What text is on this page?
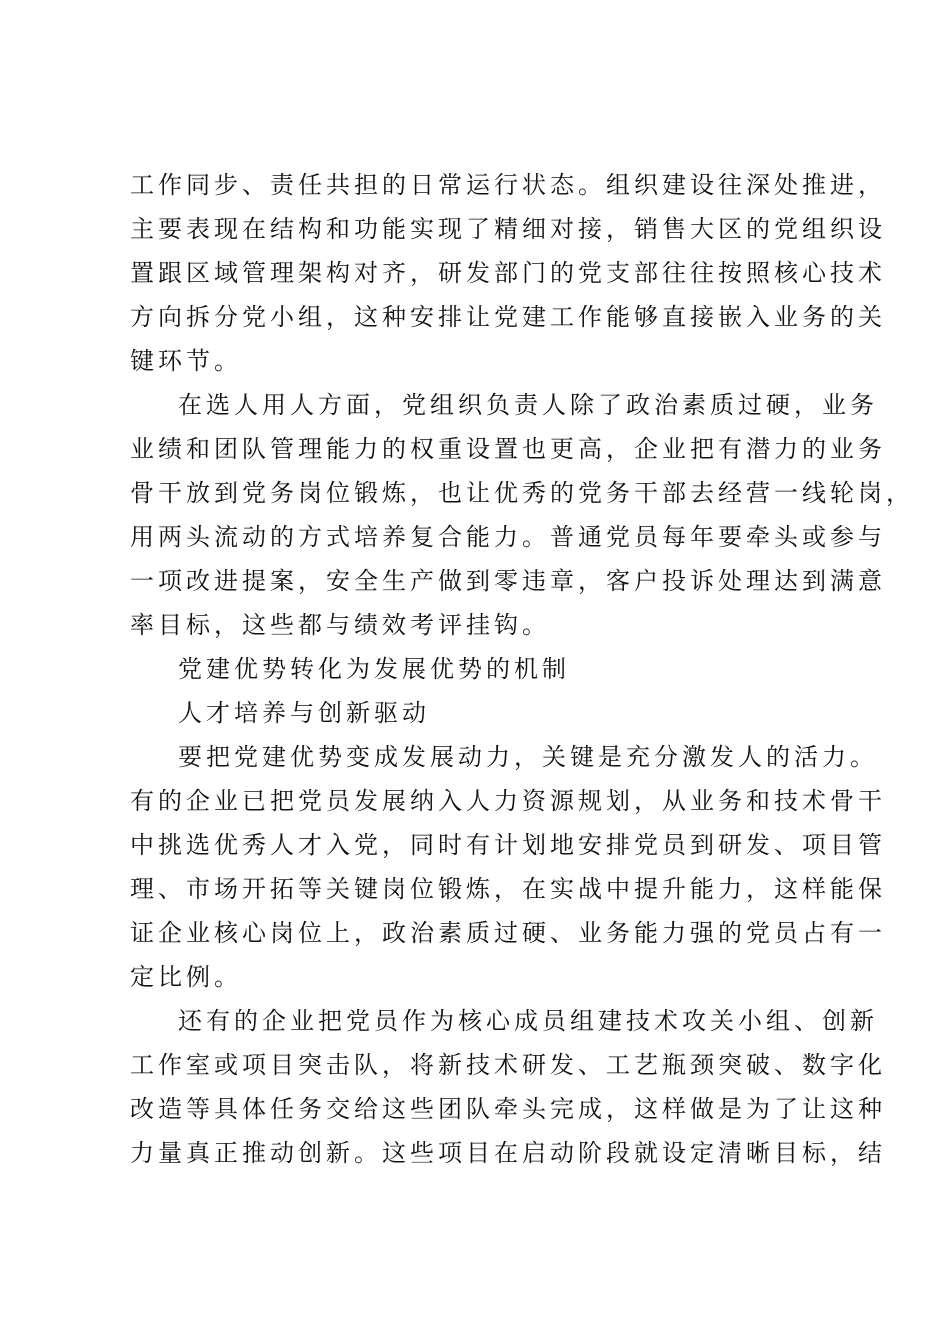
工作同步、责任共担的日常运行状态。组织建设往深处推进，
主要表现在结构和功能实现了精细对接，销售大区的党组织设
置跟区域管理架构对齐，研发部门的党支部往往按照核心技术
方向拆分党小组，这种安排让党建工作能够直接嵌入业务的关
键环节。
在选人用人方面，党组织负责人除了政治素质过硬，业务
业绩和团队管理能力的权重设置也更高，企业把有潜力的业务
骨干放到党务岗位锻炼，也让优秀的党务干部去经营一线轮岗，
用两头流动的方式培养复合能力。普通党员每年要牵头或参与
一项改进提案，安全生产做到零违章，客户投诉处理达到满意
率目标，这些都与绩效考评挂钩。
党建优势转化为发展优势的机制
人才培养与创新驱动
要把党建优势变成发展动力，关键是充分激发人的活力。
有的企业已把党员发展纳入人力资源规划，从业务和技术骨干
中挑选优秀人才入党，同时有计划地安排党员到研发、项目管
理、市场开拓等关键岗位锻炼，在实战中提升能力，这样能保
证企业核心岗位上，政治素质过硬、业务能力强的党员占有一
定比例。
还有的企业把党员作为核心成员组建技术攻关小组、创新
工作室或项目突击队，将新技术研发、工艺瓶颈突破、数字化
改造等具体任务交给这些团队牵头完成，这样做是为了让这种
力量真正推动创新。这些项目在启动阶段就设定清晰目标，结
